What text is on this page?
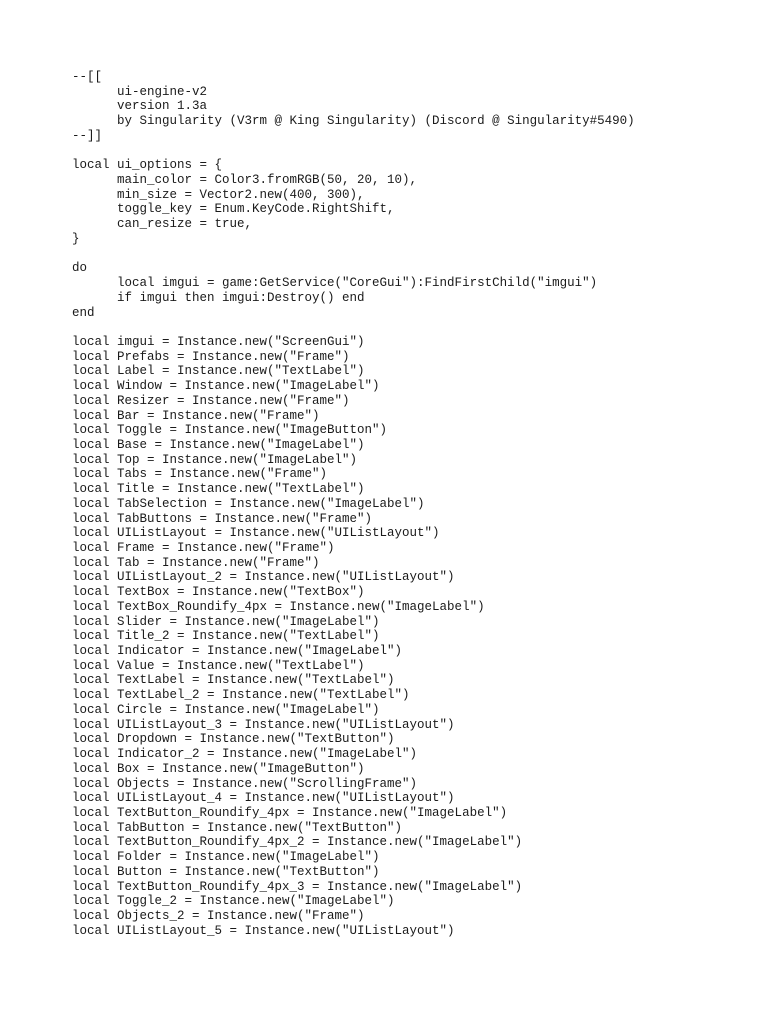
--[[
ui-engine-v2
version 1.3a
by Singularity (V3rm @ King Singularity) (Discord @ Singularity#5490)
--]]
local ui_options = {
main_color = Color3.fromRGB(50, 20, 10),
min_size = Vector2.new(400, 300),
toggle_key = Enum.KeyCode.RightShift,
can_resize = true,
}
do
local imgui = game:GetService("CoreGui"):FindFirstChild("imgui")
if imgui then imgui:Destroy() end
end
local imgui = Instance.new("ScreenGui")
local Prefabs = Instance.new("Frame")
local Label = Instance.new("TextLabel")
local Window = Instance.new("ImageLabel")
local Resizer = Instance.new("Frame")
local Bar = Instance.new("Frame")
local Toggle = Instance.new("ImageButton")
local Base = Instance.new("ImageLabel")
local Top = Instance.new("ImageLabel")
local Tabs = Instance.new("Frame")
local Title = Instance.new("TextLabel")
local TabSelection = Instance.new("ImageLabel")
local TabButtons = Instance.new("Frame")
local UIListLayout = Instance.new("UIListLayout")
local Frame = Instance.new("Frame")
local Tab = Instance.new("Frame")
local UIListLayout_2 = Instance.new("UIListLayout")
local TextBox = Instance.new("TextBox")
local TextBox_Roundify_4px = Instance.new("ImageLabel")
local Slider = Instance.new("ImageLabel")
local Title_2 = Instance.new("TextLabel")
local Indicator = Instance.new("ImageLabel")
local Value = Instance.new("TextLabel")
local TextLabel = Instance.new("TextLabel")
local TextLabel_2 = Instance.new("TextLabel")
local Circle = Instance.new("ImageLabel")
local UIListLayout_3 = Instance.new("UIListLayout")
local Dropdown = Instance.new("TextButton")
local Indicator_2 = Instance.new("ImageLabel")
local Box = Instance.new("ImageButton")
local Objects = Instance.new("ScrollingFrame")
local UIListLayout_4 = Instance.new("UIListLayout")
local TextButton_Roundify_4px = Instance.new("ImageLabel")
local TabButton = Instance.new("TextButton")
local TextButton_Roundify_4px_2 = Instance.new("ImageLabel")
local Folder = Instance.new("ImageLabel")
local Button = Instance.new("TextButton")
local TextButton_Roundify_4px_3 = Instance.new("ImageLabel")
local Toggle_2 = Instance.new("ImageLabel")
local Objects_2 = Instance.new("Frame")
local UIListLayout_5 = Instance.new("UIListLayout")
